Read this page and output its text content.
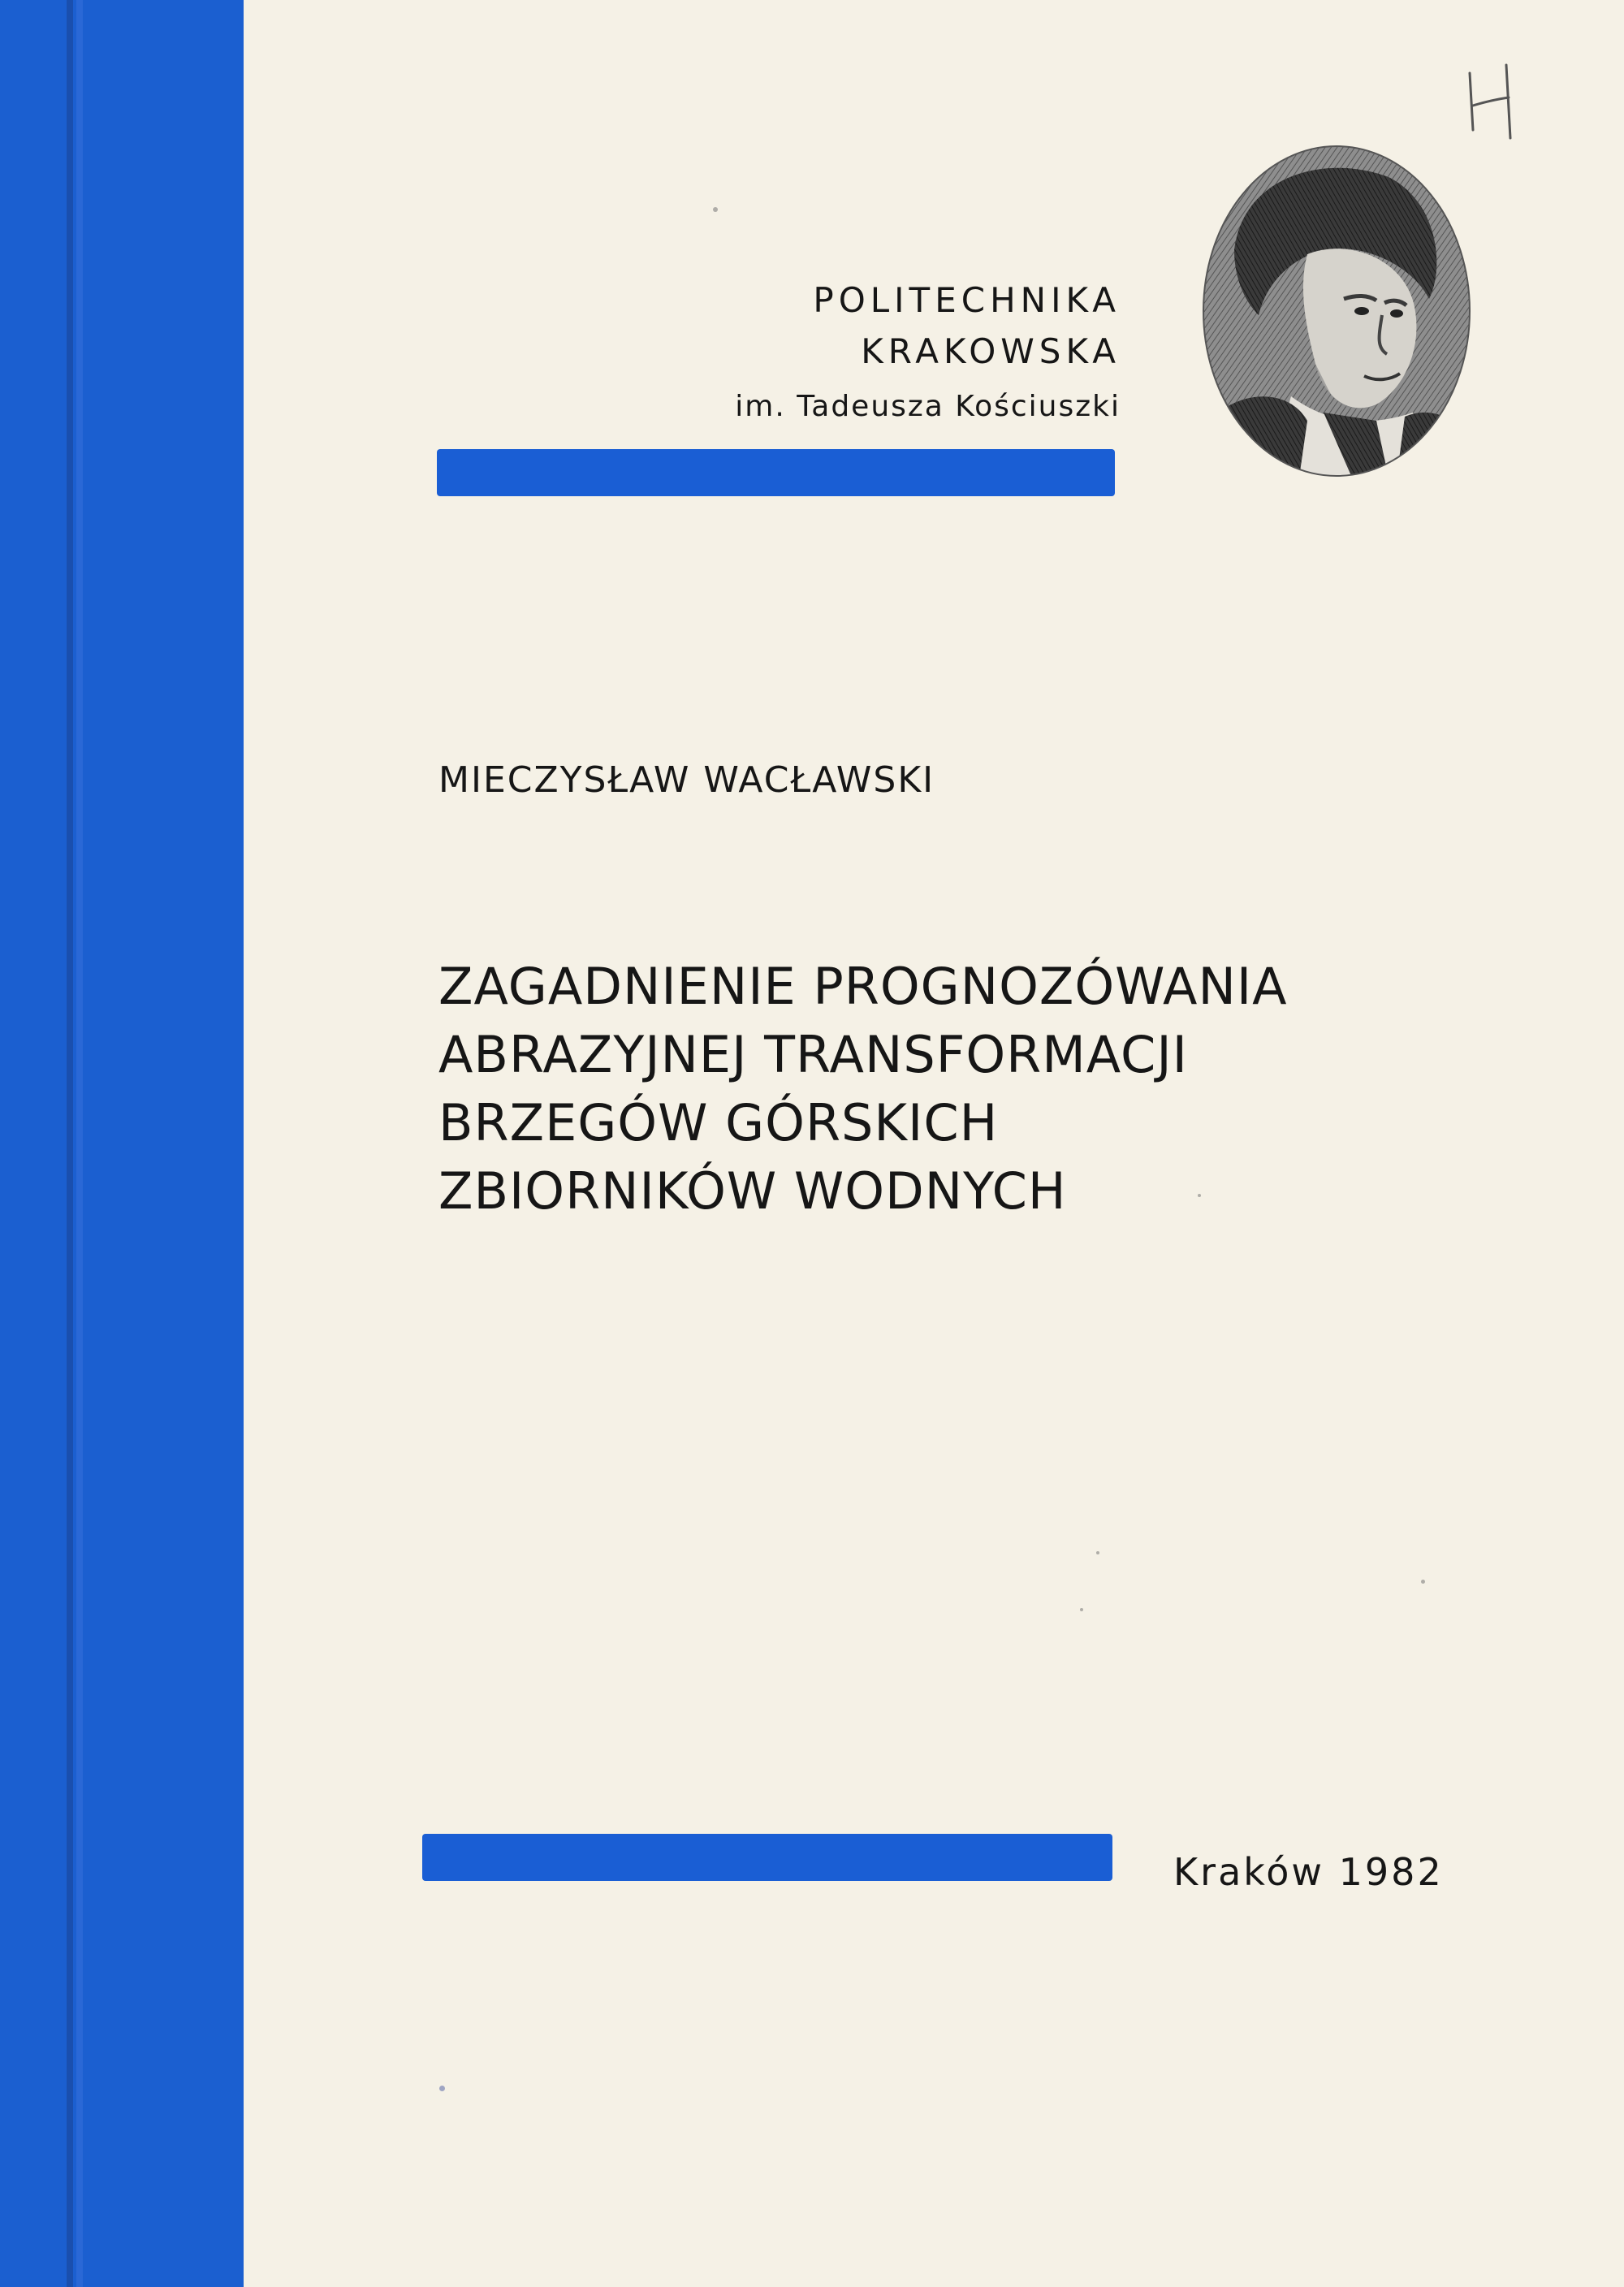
POLITECHNIKA
KRAKOWSKA
im. Tadeusza Kościuszki
MIECZYSŁAW WACŁAWSKI
ZAGADNIENIE PROGNOZÓWANIA
ABRAZYJNEJ TRANSFORMACJI
BRZEGÓW GÓRSKICH
ZBIORNIKÓW WODNYCH
Kraków 1982
